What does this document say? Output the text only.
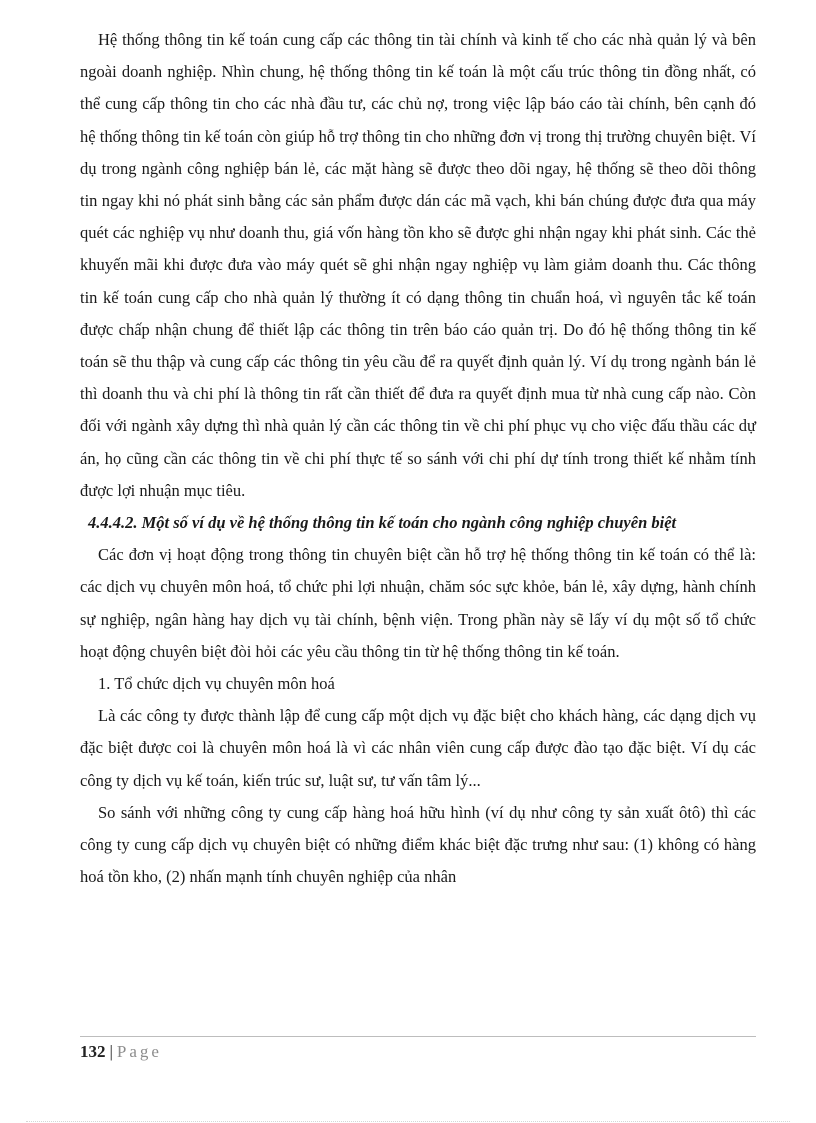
Hệ thống thông tin kế toán cung cấp các thông tin tài chính và kinh tế cho các nhà quản lý và bên ngoài doanh nghiệp. Nhìn chung, hệ thống thông tin kế toán là một cấu trúc thông tin đồng nhất, có thể cung cấp thông tin cho các nhà đầu tư, các chủ nợ, trong việc lập báo cáo tài chính, bên cạnh đó hệ thống thông tin kế toán còn giúp hỗ trợ thông tin cho những đơn vị trong thị trường chuyên biệt. Ví dụ trong ngành công nghiệp bán lẻ, các mặt hàng sẽ được theo dõi ngay, hệ thống sẽ theo dõi thông tin ngay khi nó phát sinh bằng các sản phẩm được dán các mã vạch, khi bán chúng được đưa qua máy quét các nghiệp vụ như doanh thu, giá vốn hàng tồn kho sẽ được ghi nhận ngay khi phát sinh. Các thẻ khuyến mãi khi được đưa vào máy quét sẽ ghi nhận ngay nghiệp vụ làm giảm doanh thu. Các thông tin kế toán cung cấp cho nhà quản lý thường ít có dạng thông tin chuẩn hoá, vì nguyên tắc kế toán được chấp nhận chung để thiết lập các thông tin trên báo cáo quản trị. Do đó hệ thống thông tin kế toán sẽ thu thập và cung cấp các thông tin yêu cầu để ra quyết định quản lý. Ví dụ trong ngành bán lẻ thì doanh thu và chi phí là thông tin rất cần thiết để đưa ra quyết định mua từ nhà cung cấp nào. Còn đối với ngành xây dựng thì nhà quản lý cần các thông tin về chi phí phục vụ cho việc đấu thầu các dự án, họ cũng cần các thông tin về chi phí thực tế so sánh với chi phí dự tính trong thiết kế nhằm tính được lợi nhuận mục tiêu.

4.4.4.2. Một số ví dụ về hệ thống thông tin kế toán cho ngành công nghiệp chuyên biệt

Các đơn vị hoạt động trong thông tin chuyên biệt cần hỗ trợ hệ thống thông tin kế toán có thể là: các dịch vụ chuyên môn hoá, tổ chức phi lợi nhuận, chăm sóc sực khỏe, bán lẻ, xây dựng, hành chính sự nghiệp, ngân hàng hay dịch vụ tài chính, bệnh viện. Trong phần này sẽ lấy ví dụ một số tổ chức hoạt động chuyên biệt đòi hỏi các yêu cầu thông tin từ hệ thống thông tin kế toán.

1. Tổ chức dịch vụ chuyên môn hoá

Là các công ty được thành lập để cung cấp một dịch vụ đặc biệt cho khách hàng, các dạng dịch vụ đặc biệt được coi là chuyên môn hoá là vì các nhân viên cung cấp được đào tạo đặc biệt. Ví dụ các công ty dịch vụ kế toán, kiến trúc sư, luật sư, tư vấn tâm lý...

So sánh với những công ty cung cấp hàng hoá hữu hình (ví dụ như công ty sản xuất ôtô) thì các công ty cung cấp dịch vụ chuyên biệt có những điểm khác biệt đặc trưng như sau: (1) không có hàng hoá tồn kho, (2) nhấn mạnh tính chuyên nghiệp của nhân

132 | Page
